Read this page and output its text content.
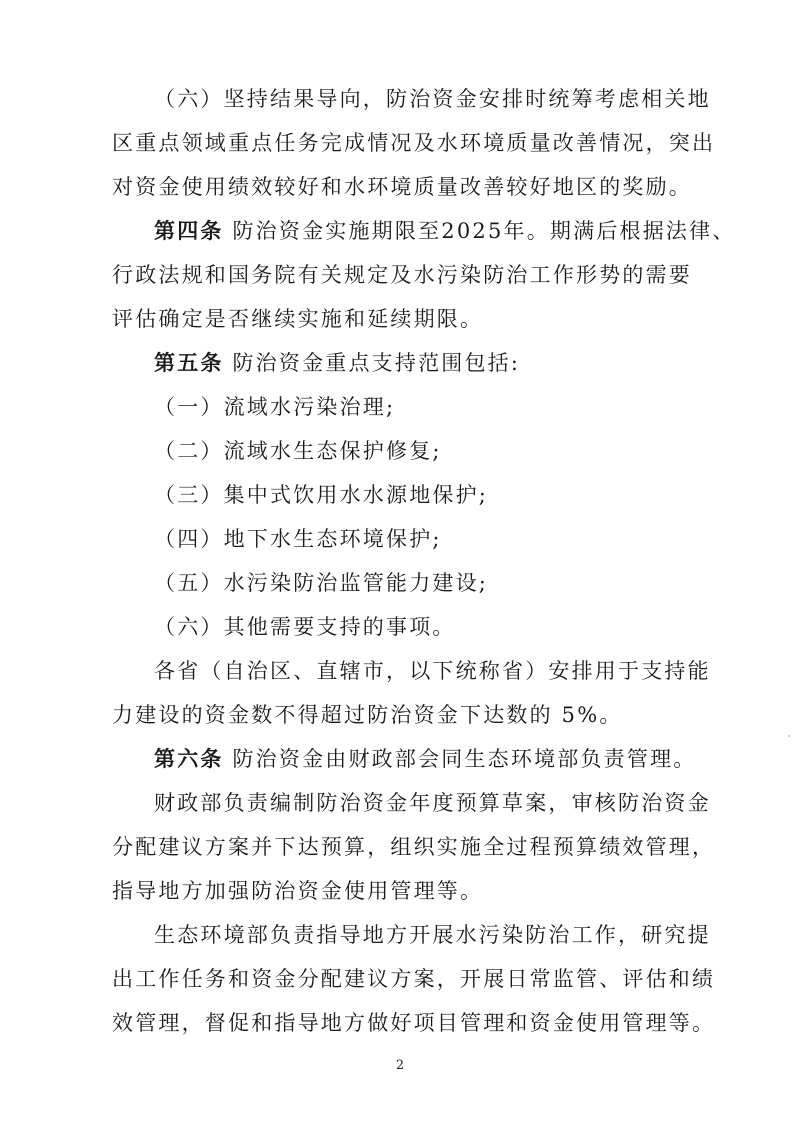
（六）坚持结果导向，防治资金安排时统筹考虑相关地
区重点领域重点任务完成情况及水环境质量改善情况，突出
对资金使用绩效较好和水环境质量改善较好地区的奖励。
第四条 防治资金实施期限至2025年。期满后根据法律、
行政法规和国务院有关规定及水污染防治工作形势的需要
评估确定是否继续实施和延续期限。
第五条 防治资金重点支持范围包括:
（一）流域水污染治理;
（二）流域水生态保护修复;
（三）集中式饮用水水源地保护;
（四）地下水生态环境保护;
（五）水污染防治监管能力建设;
（六）其他需要支持的事项。
各省（自治区、直辖市，以下统称省）安排用于支持能
力建设的资金数不得超过防治资金下达数的 5%。
第六条 防治资金由财政部会同生态环境部负责管理。
财政部负责编制防治资金年度预算草案，审核防治资金
分配建议方案并下达预算，组织实施全过程预算绩效管理，
指导地方加强防治资金使用管理等。
生态环境部负责指导地方开展水污染防治工作，研究提
出工作任务和资金分配建议方案，开展日常监管、评估和绩
效管理，督促和指导地方做好项目管理和资金使用管理等。
2
